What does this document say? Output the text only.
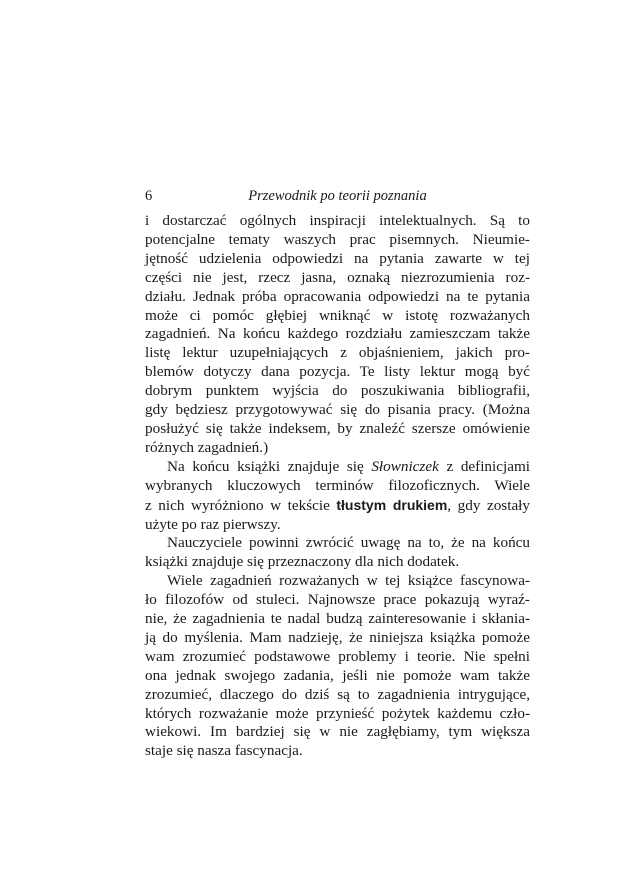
6	Przewodnik po teorii poznania
i dostarczać ogólnych inspiracji intelektualnych. Są to
potencjalne tematy waszych prac pisemnych. Nieumie-
jętność udzielenia odpowiedzi na pytania zawarte w tej
części nie jest, rzecz jasna, oznaką niezrozumienia roz-
działu. Jednak próba opracowania odpowiedzi na te pytania
może ci pomóc głębiej wniknąć w istotę rozważanych
zagadnień. Na końcu każdego rozdziału zamieszczam także
listę lektur uzupełniających z objaśnieniem, jakich pro-
blemów dotyczy dana pozycja. Te listy lektur mogą być
dobrym punktem wyjścia do poszukiwania bibliografii,
gdy będziesz przygotowywać się do pisania pracy. (Można
posłużyć się także indeksem, by znaleźć szersze omówienie
różnych zagadnień.)
Na końcu książki znajduje się Słowniczek z definicjami
wybranych kluczowych terminów filozoficznych. Wiele
z nich wyróżniono w tekście tłustym drukiem, gdy zostały
użyte po raz pierwszy.
Nauczyciele powinni zwrócić uwagę na to, że na końcu
książki znajduje się przeznaczony dla nich dodatek.
Wiele zagadnień rozważanych w tej książce fascynowa-
ło filozofów od stuleci. Najnowsze prace pokazują wyraź-
nie, że zagadnienia te nadal budzą zainteresowanie i skłania-
ją do myślenia. Mam nadzieję, że niniejsza książka pomoże
wam zrozumieć podstawowe problemy i teorie. Nie spełni
ona jednak swojego zadania, jeśli nie pomoże wam także
zrozumieć, dlaczego do dziś są to zagadnienia intrygujące,
których rozważanie może przynieść pożytek każdemu czło-
wiekowi. Im bardziej się w nie zagłębiamy, tym większa
staje się nasza fascynacja.
